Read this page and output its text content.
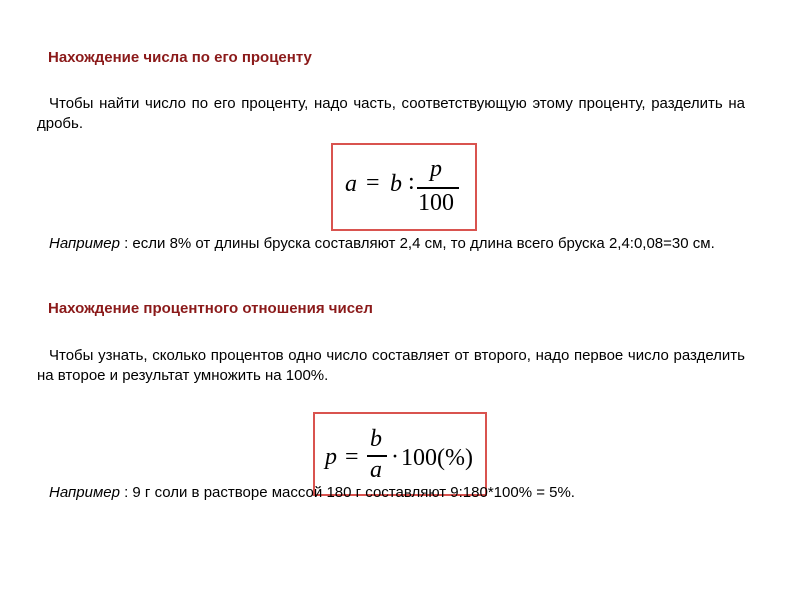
Нахождение числа по его проценту
Чтобы найти число по его проценту, надо часть, соответствующую этому проценту, разделить на дробь.
a = b : p
100
Например : если 8% от длины бруска составляют 2,4 см, то длина всего бруска 2,4:0,08=30 см.
Нахождение процентного отношения чисел
Чтобы узнать, сколько процентов одно число составляет от второго, надо первое число разделить на второе и результат умножить на 100%.
p =
b
a · 100(%)
Например : 9 г соли в растворе массой 180 г составляют 9:180*100% = 5%.
